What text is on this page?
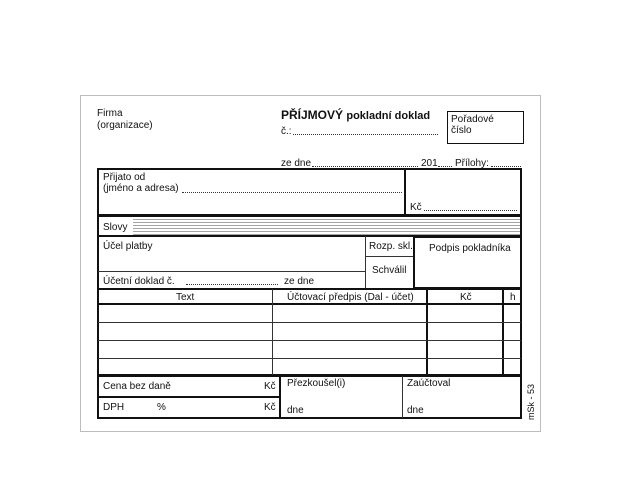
Firma
(organizace)
PŘÍJMOVÝ pokladní doklad
č.:
Pořadové
číslo
ze dne	201 Přílohy:
Přijato od
(jméno a adresa)
Kč
Slovy
Účel platby	Rozp. skl.
Schválil
Podpis pokladníka
Účetní doklad č.	ze dne
Text	Účtovací předpis (Dal - účet)	Kč	h
Cena bez daně	Kč
DPH	%	Kč
Přezkoušel(i)
dne
Zaúčtoval
dne	mSk - 53
